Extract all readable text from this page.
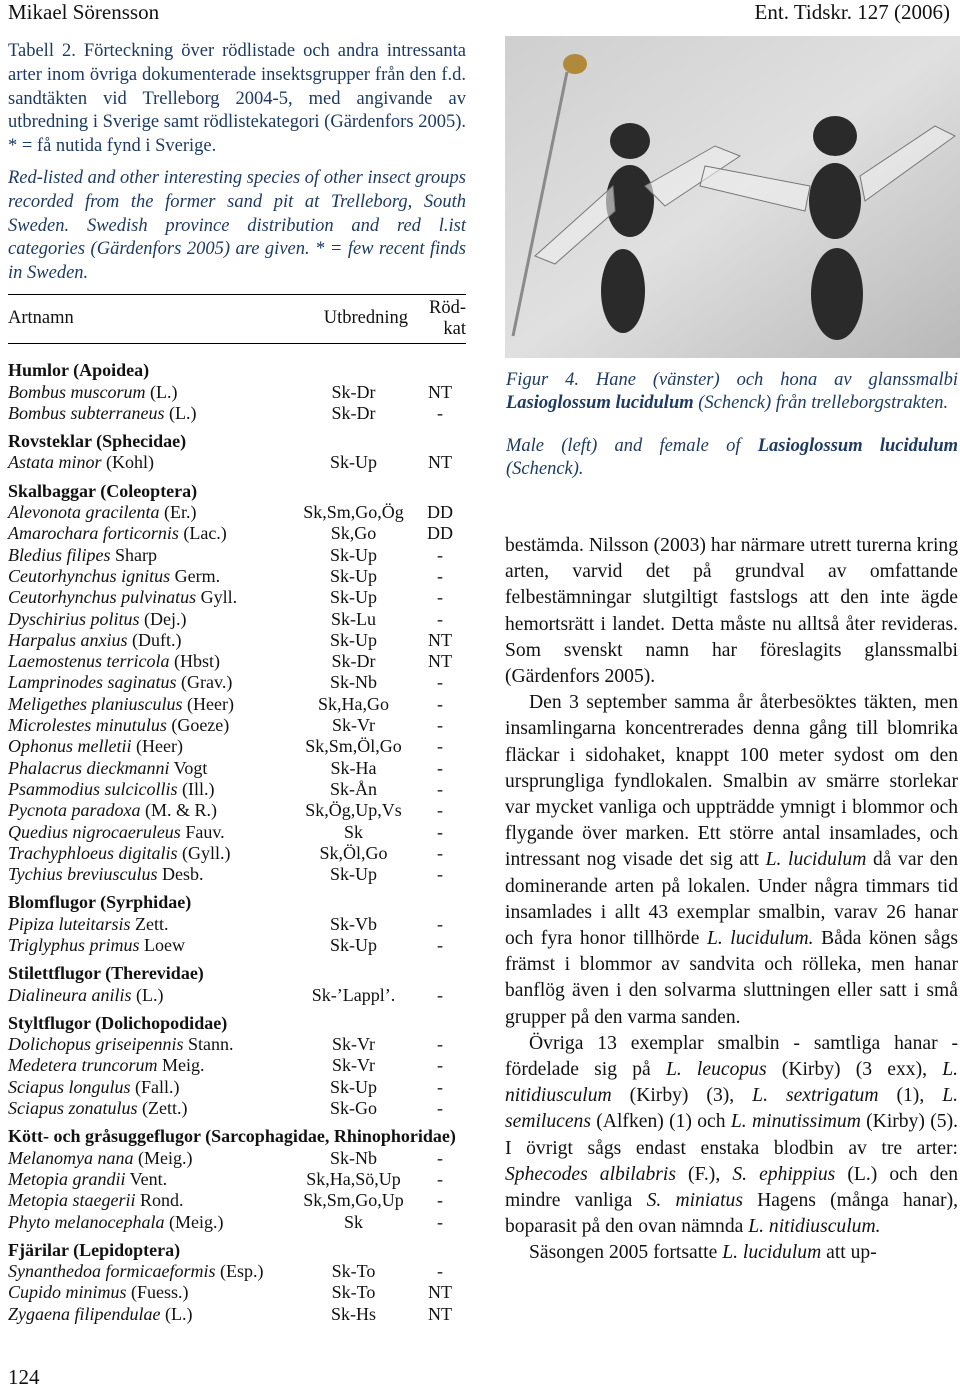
Mikael Sörensson	Ent. Tidskr. 127 (2006)
Tabell 2. Förteckning över rödlistade och andra intressanta arter inom övriga dokumenterade insektsgrupper från den f.d. sandtäkten vid Trelleborg 2004-5, med angivande av utbredning i Sverige samt rödlistekategori (Gärdenfors 2005). * = få nutida fynd i Sverige.
Red-listed and other interesting species of other insect groups recorded from the former sand pit at Trelleborg, South Sweden. Swedish province distribution and red l.ist categories (Gärdenfors 2005) are given. * = few recent finds in Sweden.
Artnamn	Utbredning	Röd-kat
Humlor (Apoidea)		
Bombus muscorum (L.)	Sk-Dr	NT
Bombus subterraneus (L.)	Sk-Dr	-

Rovsteklar (Sphecidae)		
Astata minor (Kohl)	Sk-Up	NT

Skalbaggar (Coleoptera)		
Alevonota gracilenta (Er.)	Sk,Sm,Go,Ög	DD
Amarochara forticornis (Lac.)	Sk,Go	DD
Bledius filipes Sharp	Sk-Up	-
Ceutorhynchus ignitus Germ.	Sk-Up	-
Ceutorhynchus pulvinatus Gyll.	Sk-Up	-
Dyschirius politus (Dej.)	Sk-Lu	-
Harpalus anxius (Duft.)	Sk-Up	NT
Laemostenus terricola (Hbst)	Sk-Dr	NT
Lamprinodes saginatus (Grav.)	Sk-Nb	-
Meligethes planiusculus (Heer)	Sk,Ha,Go	-
Microlestes minutulus (Goeze)	Sk-Vr	-
Ophonus melletii (Heer)	Sk,Sm,Öl,Go	-
Phalacrus dieckmanni Vogt	Sk-Ha	-
Psammodius sulcicollis (Ill.)	Sk-Ån	-
Pycnota paradoxa (M. & R.)	Sk,Ög,Up,Vs	-
Quedius nigrocaeruleus Fauv.	Sk	-
Trachyphloeus digitalis (Gyll.)	Sk,Öl,Go	-
Tychius breviusculus Desb.	Sk-Up	-

Blomflugor (Syrphidae)		
Pipiza luteitarsis Zett.	Sk-Vb	-
Triglyphus primus Loew	Sk-Up	-

Stilettflugor (Therevidae)		
Dialineura anilis (L.)	Sk-’Lappl’.	-

Styltflugor (Dolichopodidae)		
Dolichopus griseipennis Stann.	Sk-Vr	-
Medetera truncorum Meig.	Sk-Vr	-
Sciapus longulus (Fall.)	Sk-Up	-
Sciapus zonatulus (Zett.)	Sk-Go	-

Kött- och gråsuggeflugor (Sarcophagidae, Rhinophoridae)		
Melanomya nana (Meig.)	Sk-Nb	-
Metopia grandii Vent.	Sk,Ha,Sö,Up	-
Metopia staegerii Rond.	Sk,Sm,Go,Up	-
Phyto melanocephala (Meig.)	Sk	-

Fjärilar (Lepidoptera)		
Synanthedoa formicaeformis (Esp.)	Sk-To	-
Cupido minimus (Fuess.)	Sk-To	NT
Zygaena filipendulae (L.)	Sk-Hs	NT
Figur 4. Hane (vänster) och hona av glanssmalbi Lasioglossum lucidulum (Schenck) från trelleborgstrakten.
Male (left) and female of Lasioglossum lucidulum (Schenck).

bestämda. Nilsson (2003) har närmare utrett turerna kring arten, varvid det på grundval av omfattande felbestämningar slutgiltigt fastslogs att den inte ägde hemortsrätt i landet. Detta måste nu alltså åter revideras. Som svenskt namn har föreslagits glanssmalbi (Gärdenfors 2005).

Den 3 september samma år återbesöktes täkten, men insamlingarna koncentrerades denna gång till blomrika fläckar i sidohaket, knappt 100 meter sydost om den ursprungliga fyndlokalen. Smalbin av smärre storlekar var mycket vanliga och uppträdde ymnigt i blommor och flygande över marken. Ett större antal insamlades, och intressant nog visade det sig att L. lucidulum då var den dominerande arten på lokalen. Under några timmars tid insamlades i allt 43 exemplar smalbin, varav 26 hanar och fyra honor tillhörde L. lucidulum. Båda könen sågs främst i blommor av sandvita och rölleka, men hanar banflög även i den solvarma sluttningen eller satt i små grupper på den varma sanden.

Övriga 13 exemplar smalbin - samtliga hanar - fördelade sig på L. leucopus (Kirby) (3 exx), L. nitidiusculum (Kirby) (3), L. sextrigatum (1), L. semilucens (Alfken) (1) och L. minutissimum (Kirby) (5). I övrigt sågs endast enstaka blodbin av tre arter: Sphecodes albilabris (F.), S. ephippius (L.) och den mindre vanliga S. miniatus Hagens (många hanar), boparasit på den ovan nämnda L. nitidiusculum.

Säsongen 2005 fortsatte L. lucidulum att up-

124
